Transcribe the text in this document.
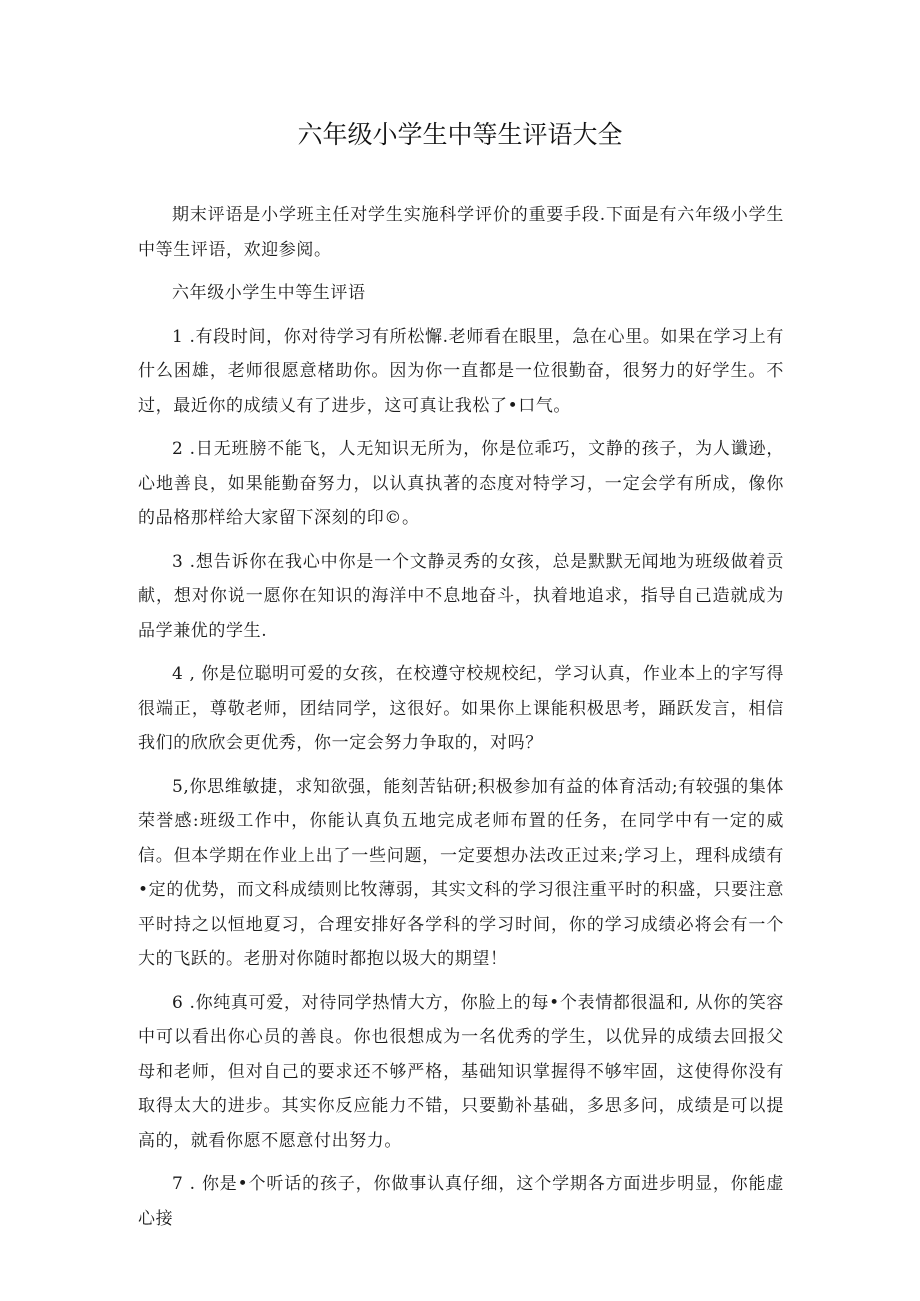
六年级小学生中等生评语大全

期末评语是小学班主任对学生实施科学评价的重要手段.下面是有六年级小学生中等生评语，欢迎参阅。

六年级小学生中等生评语

1 .有段时间，你对待学习有所松懈.老师看在眼里，急在心里。如果在学习上有什么困雄，老师很愿意楮助你。因为你一直都是一位很勤奋，很努力的好学生。不过，最近你的成绩乂有了进步，这可真让我松了•口气。

2 .日无班膀不能飞，人无知识无所为，你是位乖巧，文静的孩子，为人谶逊，心地善良，如果能勤奋努力，以认真执著的态度对特学习，一定会学有所成，像你的品格那样给大家留下深刻的印©。

3 .想告诉你在我心中你是一个文静灵秀的女孩，总是默默无闻地为班级做着贡献，想对你说一愿你在知识的海洋中不息地奋斗，执着地追求，指导自己造就成为品学兼优的学生.

4 , 你是位聪明可爱的女孩，在校遵守校规校纪，学习认真，作业本上的字写得很端正，尊敬老师，团结同学，这很好。如果你上课能积极思考，踊跃发言，相信我们的欣欣会更优秀，你一定会努力争取的，对吗？

5,你思维敏捷，求知欲强，能刻苦钻研;积极参加有益的体育活动;有较强的集体荣誉感:班级工作中，你能认真负五地完成老师布置的任务，在同学中有一定的威信。但本学期在作业上出了一些问题，一定要想办法改正过来;学习上，理科成绩有•定的优势，而文科成绩则比牧薄弱，其实文科的学习很注重平时的积盛，只要注意平时持之以恒地夏习，合理安排好各学科的学习时间，你的学习成绩必将会有一个大的飞跃的。老册对你随时都抱以圾大的期望！

6 .你纯真可爱，对待同学热情大方，你脸上的每•个表情都很温和, 从你的笑容中可以看出你心员的善良。你也很想成为一名优秀的学生，以优异的成绩去回报父母和老师，但对自己的要求还不够严格，基础知识掌握得不够牢固，这使得你没有取得太大的进步。其实你反应能力不错，只要勤补基础，多思多问，成绩是可以提高的，就看你愿不愿意付出努力。

7 . 你是•个听话的孩子，你做事认真仔细，这个学期各方面进步明显，你能虚心接
